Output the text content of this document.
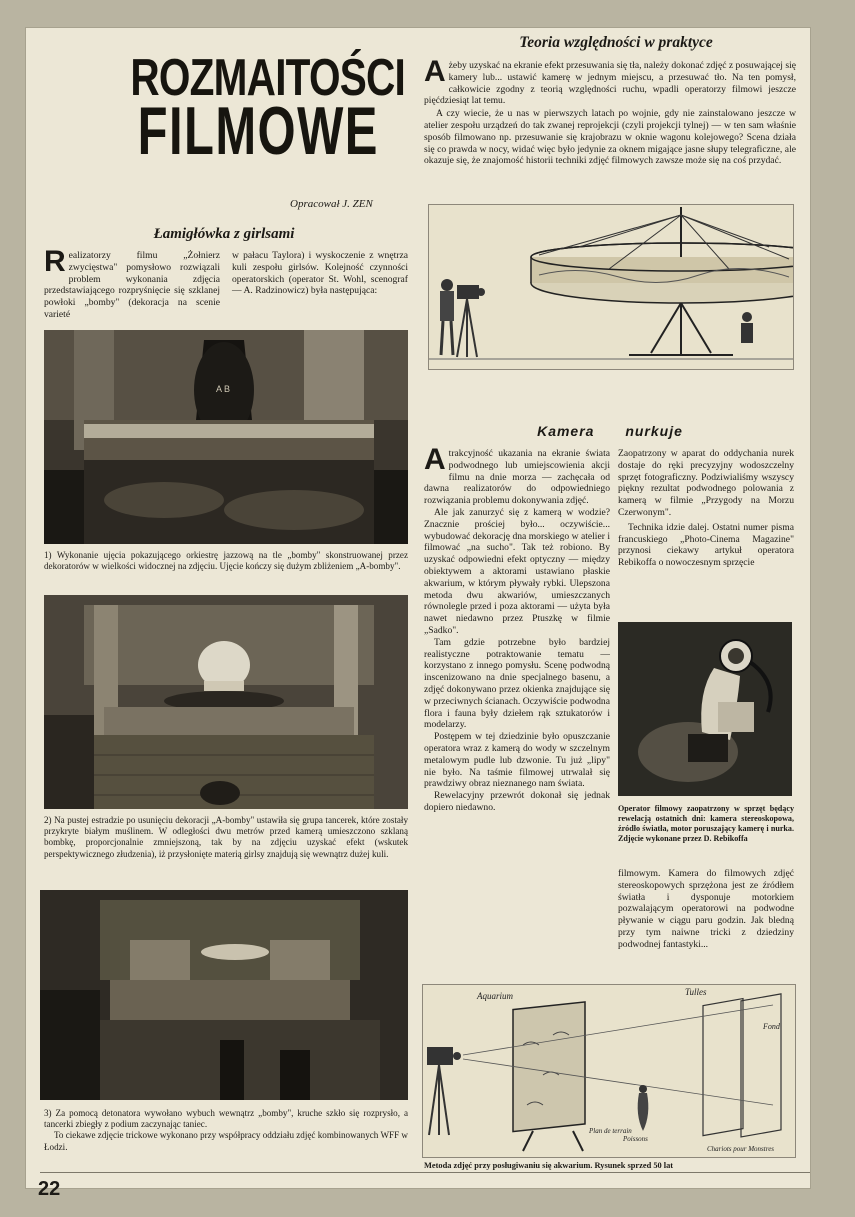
ROZMAITOŚCI
FILMOWE
Opracował J. ZEN
Teoria względności w praktyce
Ażeby uzyskać na ekranie efekt przesuwania się tła, należy dokonać zdjęć z posuwającej się kamery lub... ustawić kamerę w jednym miejscu, a przesuwać tło. Na ten pomysł, całkowicie zgodny z teorią względności ruchu, wpadli operatorzy filmowi jeszcze pięćdziesiąt lat temu.
A czy wiecie, że u nas w pierwszych latach po wojnie, gdy nie zainstalowano jeszcze w atelier zespołu urządzeń do tak zwanej reprojekcji (czyli projekcji tylnej) — w ten sam właśnie sposób filmowano np. przesuwanie się krajobrazu w oknie wagonu kolejowego? Scena działa się co prawda w nocy, widać więc było jedynie za oknem migające jasne słupy telegraficzne, ale okazuje się, że znajomość historii techniki zdjęć filmowych zawsze może się na coś przydać.
Łamigłówka z girlsami
Realizatorzy filmu „Żołnierz zwycięstwa" pomysłowo rozwiązali problem wykonania zdjęcia przedstawiającego rozpryśnięcie się szklanej powłoki „bomby" (dekoracja na scenie varieté
w pałacu Taylora) i wyskoczenie z wnętrza kuli zespołu girlsów. Kolejność czynności operatorskich (operator St. Wohl, scenograf — A. Radzinowicz) była następująca:
A B
1) Wykonanie ujęcia pokazującego orkiestrę jazzową na tle „bomby" skonstruowanej przez dekoratorów w wielkości widocznej na zdjęciu. Ujęcie kończy się dużym zbliżeniem „A-bomby".
2) Na pustej estradzie po usunięciu dekoracji „A-bomby" ustawiła się grupa tancerek, które zostały przykryte białym muślinem. W odległości dwu metrów przed kamerą umieszczono szklaną bombkę, proporcjonalnie zmniejszoną, tak by na zdjęciu uzyskać efekt (wskutek perspektywicznego złudzenia), iż przysłonięte materią girlsy znajdują się wewnątrz dużej kuli.
3) Za pomocą detonatora wywołano wybuch wewnątrz „bomby", kruche szkło się rozprysło, a tancerki zbiegły z podium zaczynając taniec.
To ciekawe zdjęcie trickowe wykonano przy współpracy oddziału zdjęć kombinowanych WFF w Łodzi.
Kamera nurkuje
Atrakcyjność ukazania na ekranie świata podwodnego lub umiejscowienia akcji filmu na dnie morza — zachęcała od dawna realizatorów do odpowiedniego rozwiązania problemu dokonywania zdjęć.
Ale jak zanurzyć się z kamerą w wodzie? Znacznie prościej było... oczywiście... wybudować dekorację dna morskiego w atelier i filmować „na sucho". Tak też robiono. By uzyskać odpowiedni efekt optyczny — między obiektywem a aktorami ustawiano płaskie akwarium, w którym pływały rybki. Ulepszona metoda dwu akwariów, umieszczanych równolegle przed i poza aktorami — użyta była nawet niedawno przez Ptuszkę w filmie „Sadko".
Tam gdzie potrzebne było bardziej realistyczne potraktowanie tematu — korzystano z innego pomysłu. Scenę podwodną inscenizowano na dnie specjalnego basenu, a zdjęć dokonywano przez okienka znajdujące się w przeciwnych ścianach. Oczywiście podwodna flora i fauna były dziełem rąk sztukatorów i modelarzy.
Postępem w tej dziedzinie było opuszczanie operatora wraz z kamerą do wody w szczelnym metalowym pudle lub dzwonie. Tu już „lipy" nie było. Na taśmie filmowej utrwalał się prawdziwy obraz nieznanego nam świata.
Rewelacyjny przewrót dokonał się jednak dopiero niedawno.
Zaopatrzony w aparat do oddychania nurek dostaje do ręki precyzyjny wodoszczelny sprzęt fotograficzny. Podziwialiśmy wszyscy piękny rezultat podwodnego polowania z kamerą w filmie „Przygody na Morzu Czerwonym".
Technika idzie dalej. Ostatni numer pisma francuskiego „Photo-Cinema Magazine" przynosi ciekawy artykuł operatora Rebikoffa o nowoczesnym sprzęcie
Operator filmowy zaopatrzony w sprzęt będący rewelacją ostatnich dni: kamera stereoskopowa, źródło światła, motor poruszający kamerę i nurka. Zdjęcie wykonane przez D. Rebikoffa
filmowym. Kamera do filmowych zdjęć stereoskopowych sprzężona jest ze źródłem światła i dysponuje motorkiem pozwalającym operatorowi na podwodne pływanie w ciągu paru godzin. Jak bledną przy tym naiwne tricki z dziedziny podwodnej fantastyki...
Aquarium	Tulles
Fond
Plan de terrain
Poissons
Chariots pour Monstres
Metoda zdjęć przy posługiwaniu się akwarium. Rysunek sprzed 50 lat
22
